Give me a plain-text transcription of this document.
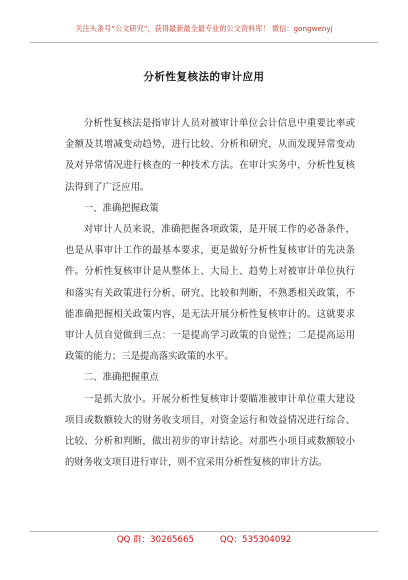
关注头条号“公文研究”，获得最新最全最专业的公文资料库！ 微信：gongwenyj
分析性复核法的审计应用

分析性复核法是指审计人员对被审计单位会计信息中重要比率或金额及其增减变动趋势，进行比较、分析和研究，从而发现异常变动及对异常情况进行核查的一种技术方法。在审计实务中，分析性复核法得到了广泛应用。

一、准确把握政策

对审计人员来说，准确把握各项政策，是开展工作的必备条件，也是从事审计工作的最基本要求，更是做好分析性复核审计的先决条件。分析性复核审计是从整体上、大局上、趋势上对被审计单位执行和落实有关政策进行分析、研究、比较和判断，不熟悉相关政策，不能准确把握相关政策内容，是无法开展分析性复核审计的。这就要求审计人员自觉做到三点：一是提高学习政策的自觉性；二是提高运用政策的能力；三是提高落实政策的水平。

二、准确把握重点

一是抓大放小。开展分析性复核审计要瞄准被审计单位重大建设项目或数额较大的财务收支项目，对资金运行和效益情况进行综合、比较、分析和判断，做出初步的审计结论。对那些小项目或数额较小的财务收支项目进行审计，则不宜采用分析性复核的审计方法。

QQ 群：30265665	QQ：535304092
